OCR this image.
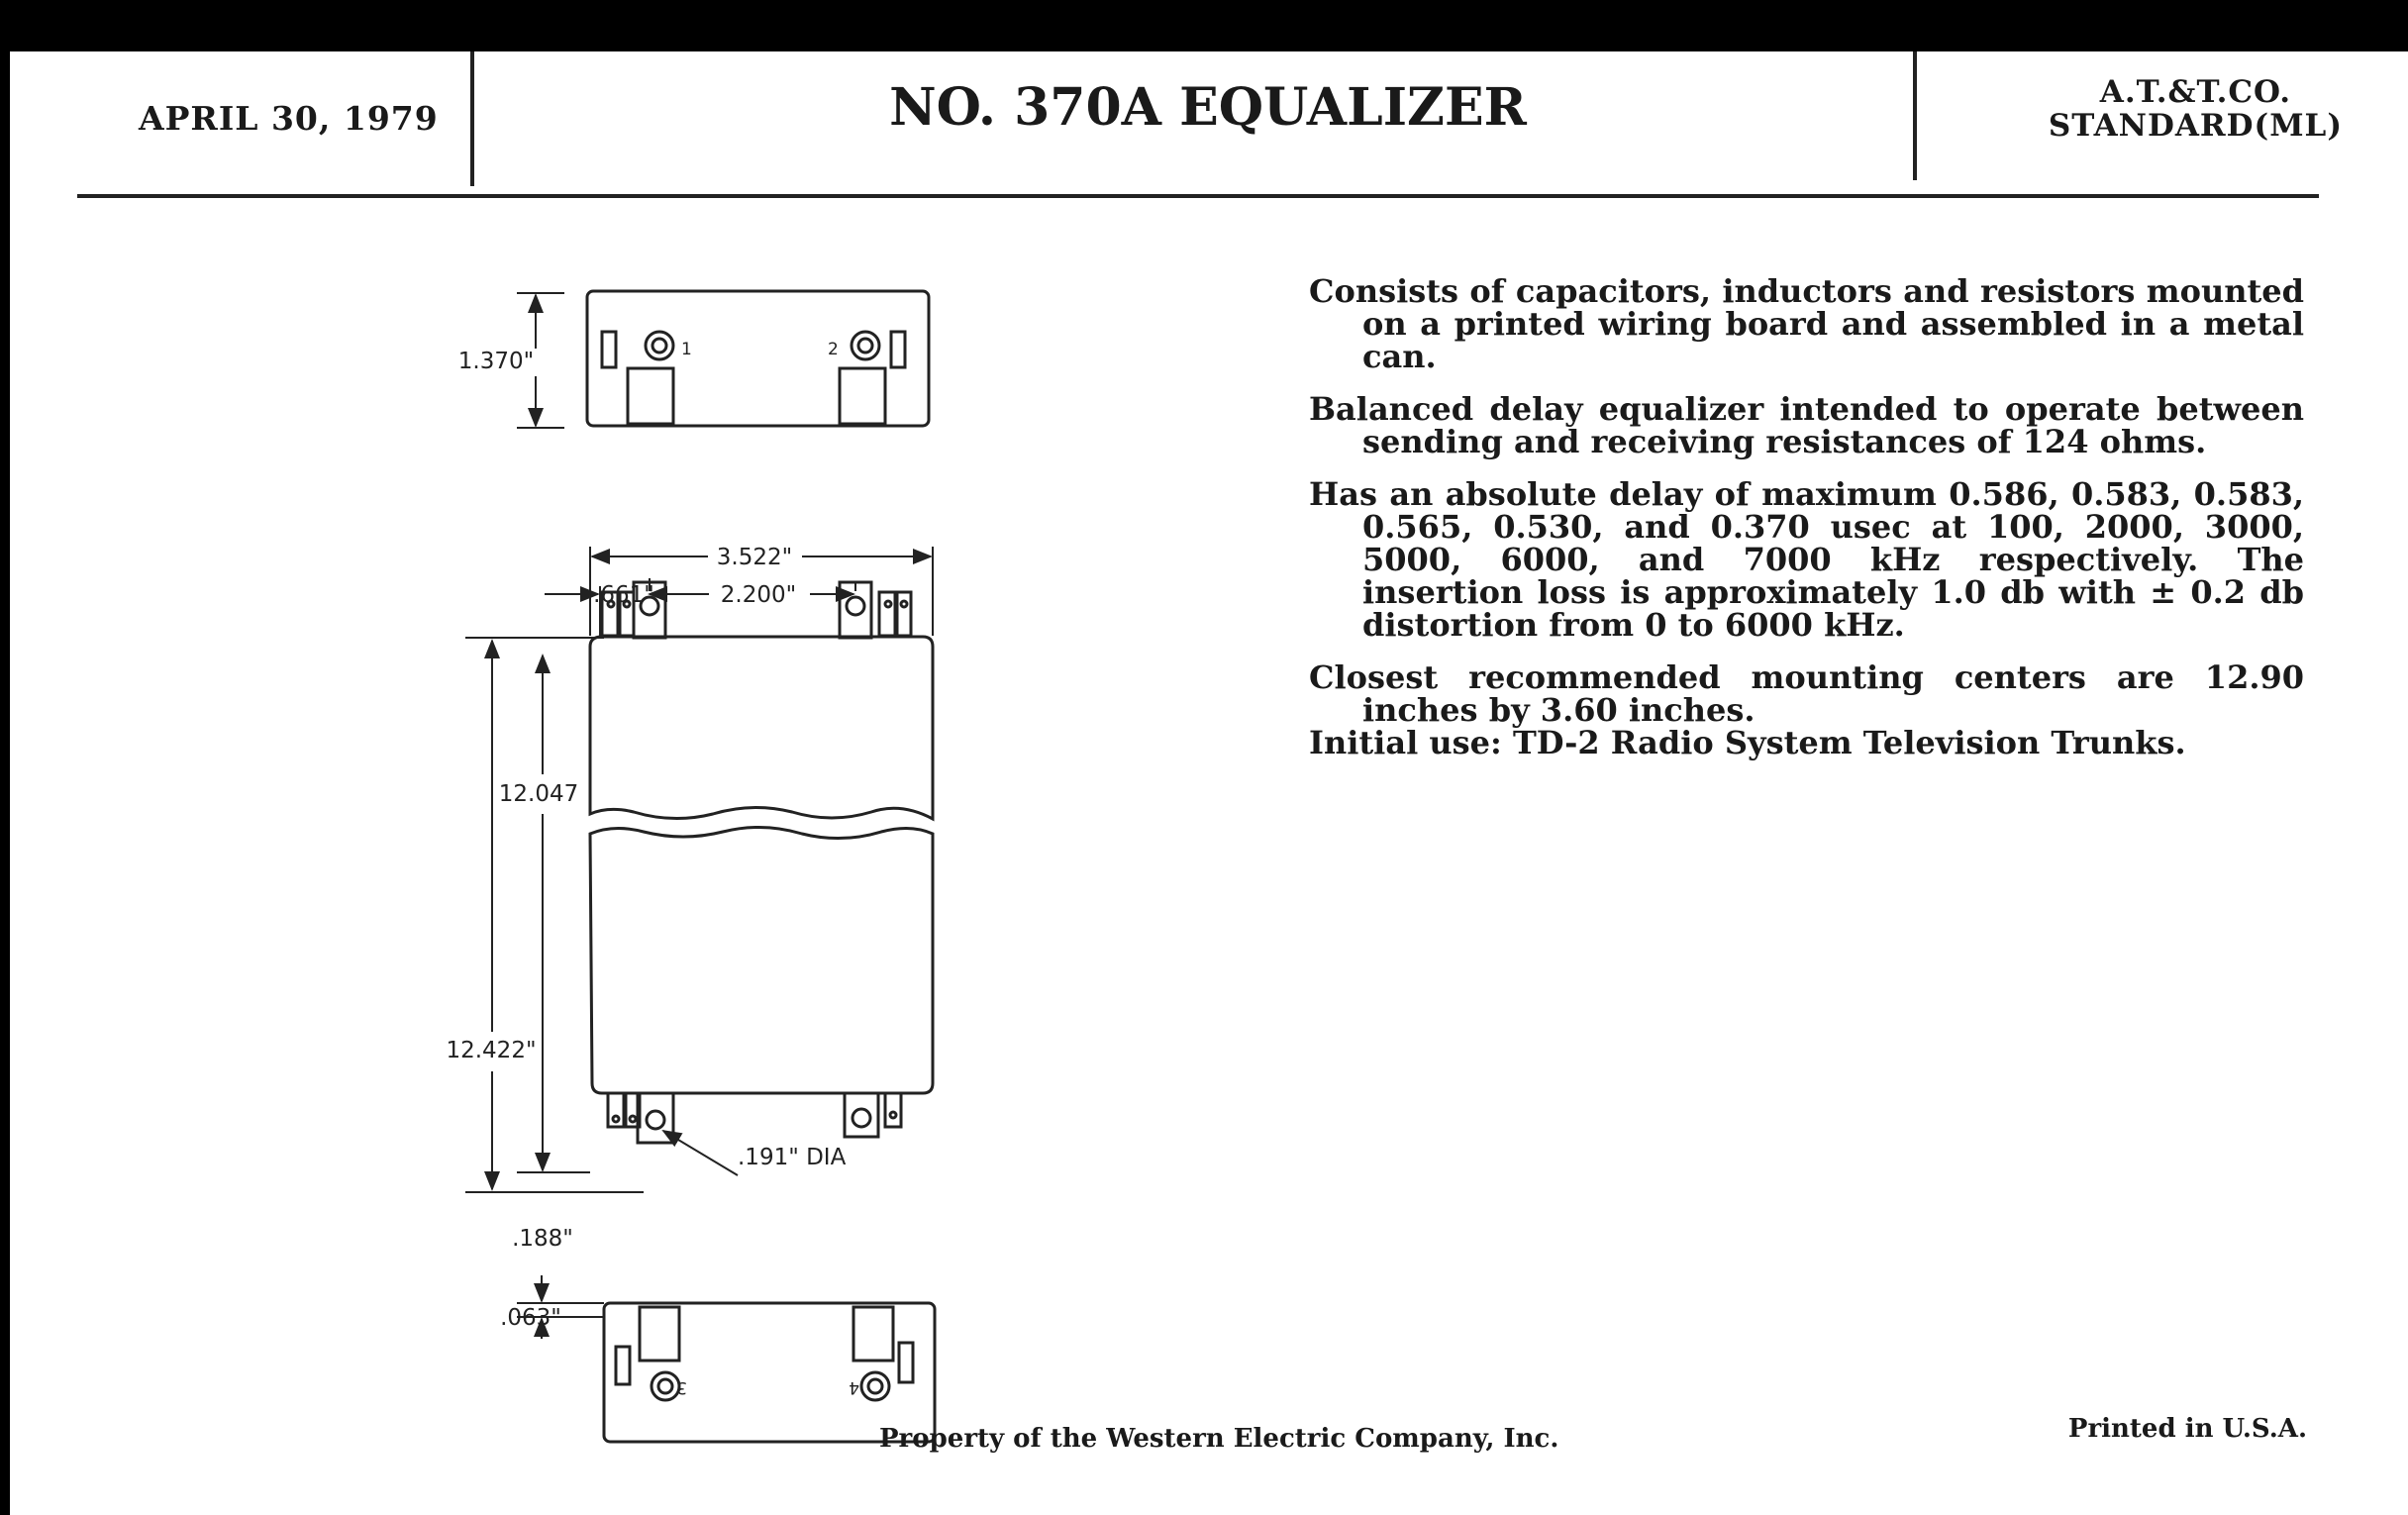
APRIL 30, 1979	NO. 370A EQUALIZER	A.T.&T.CO.
STANDARD(ML)
1	2
3	4
1.370"
3.522"
.661"	2.200"
12.047
12.422"
.191" DIA
.188"
.063"

Consists of capacitors, inductors and resistors mounted on a printed wiring board and assembled in a metal can.

Balanced delay equalizer intended to operate between sending and receiving resistances of 124 ohms.

Has an absolute delay of maximum 0.586, 0.583, 0.583, 0.565, 0.530, and 0.370 usec at 100, 2000, 3000, 5000, 6000, and 7000 kHz respectively. The insertion loss is approximately 1.0 db with ± 0.2 db distortion from 0 to 6000 kHz.

Closest recommended mounting centers are 12.90 inches by 3.60 inches.

Initial use: TD-2 Radio System Television Trunks.

Property of the Western Electric Company, Inc.	Printed in U.S.A.
